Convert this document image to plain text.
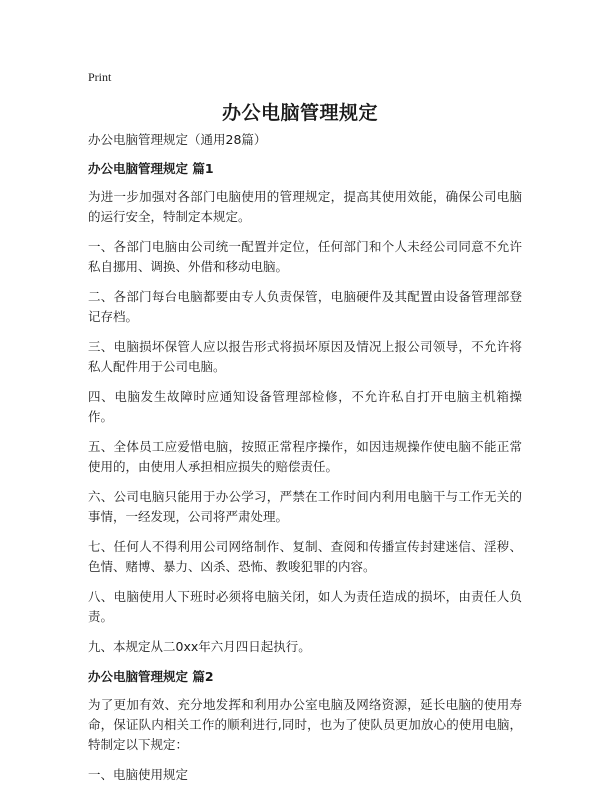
Print
办公电脑管理规定

办公电脑管理规定（通用28篇）

办公电脑管理规定 篇1

为进一步加强对各部门电脑使用的管理规定，提高其使用效能，确保公司电脑的运行安全，特制定本规定。

一、各部门电脑由公司统一配置并定位，任何部门和个人未经公司同意不允许私自挪用、调换、外借和移动电脑。

二、各部门每台电脑都要由专人负责保管，电脑硬件及其配置由设备管理部登记存档。

三、电脑损坏保管人应以报告形式将损坏原因及情况上报公司领导，不允许将私人配件用于公司电脑。

四、电脑发生故障时应通知设备管理部检修，不允许私自打开电脑主机箱操作。

五、全体员工应爱惜电脑，按照正常程序操作，如因违规操作使电脑不能正常使用的，由使用人承担相应损失的赔偿责任。

六、公司电脑只能用于办公学习，严禁在工作时间内利用电脑干与工作无关的事情，一经发现，公司将严肃处理。

七、任何人不得利用公司网络制作、复制、查阅和传播宣传封建迷信、淫秽、色情、赌博、暴力、凶杀、恐怖、教唆犯罪的内容。

八、电脑使用人下班时必须将电脑关闭，如人为责任造成的损坏，由责任人负责。

九、本规定从二0xx年六月四日起执行。

办公电脑管理规定 篇2

为了更加有效、充分地发挥和利用办公室电脑及网络资源，延长电脑的使用寿命，保证队内相关工作的顺利进行,同时，也为了使队员更加放心的使用电脑，特制定以下规定：

一、电脑使用规定
